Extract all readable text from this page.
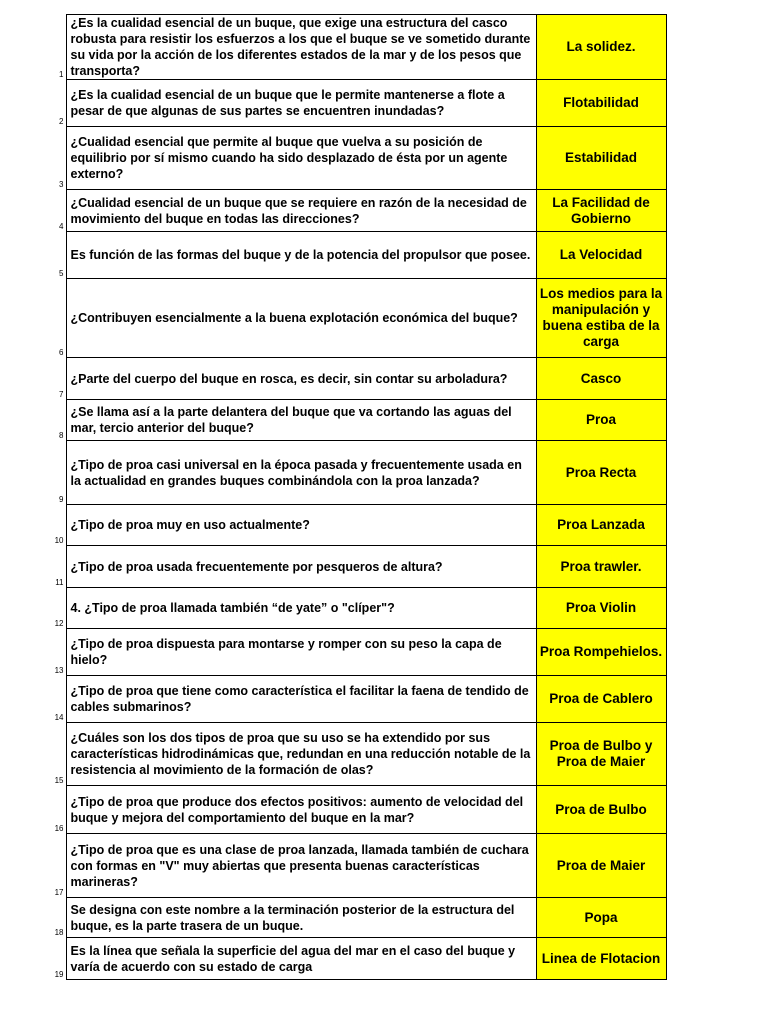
1	¿Es la cualidad esencial de un buque, que exige una estructura del casco robusta para resistir los esfuerzos a los que el buque se ve sometido durante su vida por la acción de los diferentes estados de la mar y de los pesos que transporta?	La solidez.
2	¿Es la cualidad esencial de un buque que le permite mantenerse a flote a pesar de que algunas de sus partes se encuentren inundadas?	Flotabilidad
3	¿Cualidad esencial que permite al buque que vuelva a su posición de equilibrio por sí mismo cuando ha sido desplazado de ésta por un agente externo?	Estabilidad
4	¿Cualidad esencial de un buque que se requiere en razón de la necesidad de movimiento del buque en todas las direcciones?	La Facilidad de Gobierno
5	Es función de las formas del buque y de la potencia del propulsor que posee.	La Velocidad
6	¿Contribuyen esencialmente a la buena explotación económica del buque?	Los medios para la manipulación y buena estiba de la carga
7	¿Parte del cuerpo del buque en rosca, es decir, sin contar su arboladura?	Casco
8	¿Se llama así a la parte delantera del buque que va cortando las aguas del mar, tercio anterior del buque?	Proa
9	¿Tipo de proa casi universal en la época pasada y frecuentemente usada en la actualidad en grandes buques combinándola con la proa lanzada?	Proa Recta
10	¿Tipo de proa muy en uso actualmente?	Proa Lanzada
11	¿Tipo de proa usada frecuentemente por pesqueros de altura?	Proa trawler.
12	4. ¿Tipo de proa llamada también “de yate” o "clíper"?	Proa Violin
13	¿Tipo de proa dispuesta para montarse y romper con su peso la capa de hielo?	Proa Rompehielos.
14	¿Tipo de proa que tiene como característica el facilitar la faena de tendido de cables submarinos?	Proa de Cablero
15	¿Cuáles son los dos tipos de proa que su uso se ha extendido por sus características hidrodinámicas que, redundan en una reducción notable de la resistencia al movimiento de la formación de olas?	Proa de Bulbo y Proa de Maier
16	¿Tipo de proa que produce dos efectos positivos: aumento de velocidad del buque y mejora del comportamiento del buque en la mar?	Proa de Bulbo
17	¿Tipo de proa que es una clase de proa lanzada, llamada también de cuchara con formas en "V" muy abiertas que presenta buenas características marineras?	Proa de Maier
18	Se designa con este nombre a la terminación posterior de la estructura del buque, es la parte trasera de un buque.	Popa
19	Es la línea que señala la superficie del agua del mar en el caso del buque y varía de acuerdo con su estado de carga	Linea de Flotacion
